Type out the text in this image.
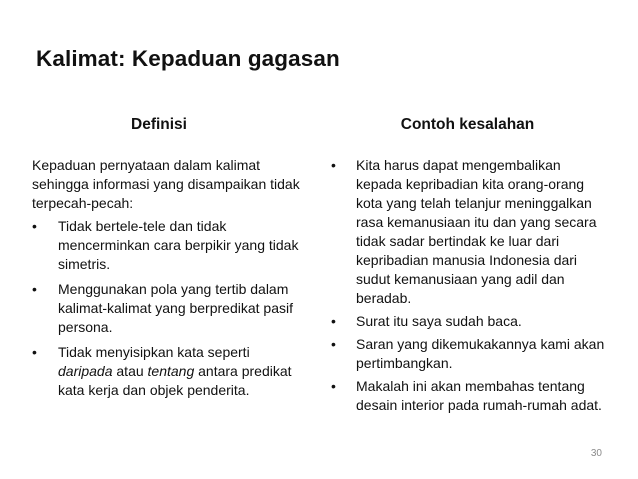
Kalimat: Kepaduan gagasan
Definisi
Kepaduan pernyataan dalam kalimat sehingga informasi yang disampaikan tidak terpecah-pecah:
• Tidak bertele-tele dan tidak mencerminkan cara berpikir yang tidak simetris.
• Menggunakan pola yang tertib dalam kalimat-kalimat yang berpredikat pasif persona.
• Tidak menyisipkan kata seperti daripada atau tentang antara predikat kata kerja dan objek penderita.
Contoh kesalahan
• Kita harus dapat mengembalikan kepada kepribadian kita orang-orang kota yang telah telanjur meninggalkan rasa kemanusiaan itu dan yang secara tidak sadar bertindak ke luar dari kepribadian manusia Indonesia dari sudut kemanusiaan yang adil dan beradab.
• Surat itu saya sudah baca.
• Saran yang dikemukakannya kami akan pertimbangkan.
• Makalah ini akan membahas tentang desain interior pada rumah-rumah adat.
30
